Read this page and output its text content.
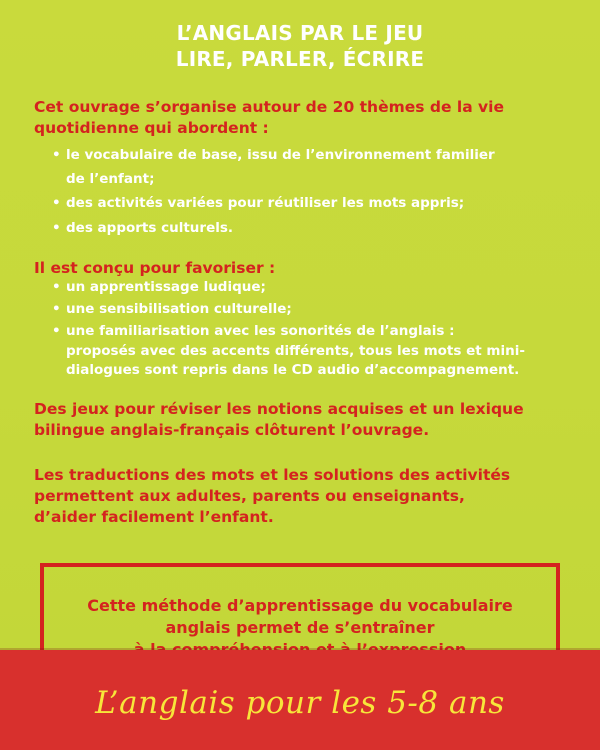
L’ANGLAIS PAR LE JEU
LIRE, PARLER, ÉCRIRE
Cet ouvrage s’organise autour de 20 thèmes de la vie
quotidienne qui abordent :
• le vocabulaire de base, issu de l’environnement familier
de l’enfant;
• des activités variées pour réutiliser les mots appris;
• des apports culturels.
Il est conçu pour favoriser :
• un apprentissage ludique;
• une sensibilisation culturelle;
• une familiarisation avec les sonorités de l’anglais :
proposés avec des accents différents, tous les mots et mini-
dialogues sont repris dans le CD audio d’accompagnement.
Des jeux pour réviser les notions acquises et un lexique
bilingue anglais-français clôturent l’ouvrage.
Les traductions des mots et les solutions des activités
permettent aux adultes, parents ou enseignants,
d’aider facilement l’enfant.
Cette méthode d’apprentissage du vocabulaire
anglais permet de s’entraîner
L’anglais pour les 5-8 ans
